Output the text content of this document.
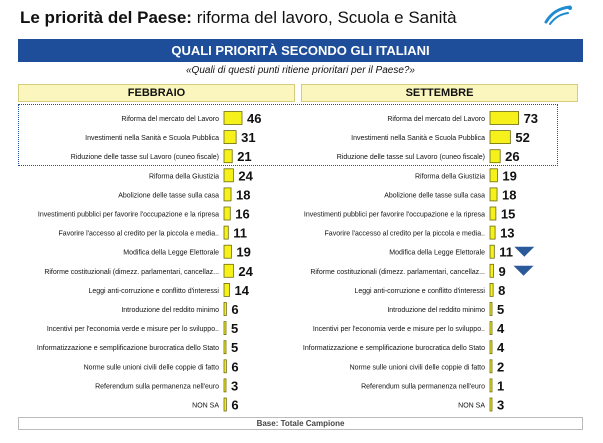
Le priorità del Paese: riforma del lavoro, Scuola e Sanità
QUALI PRIORITÀ SECONDO GLI ITALIANI
«Quali di questi punti ritiene prioritari per il Paese?»
FEBBRAIO	SETTEMBRE
Riforma del mercato del Lavoro 46
Investimenti nella Sanità e Scuola Pubblica 31
Riduzione delle tasse sul Lavoro (cuneo fiscale) 21
Riforma della Giustizia 24
Abolizione delle tasse sulla casa 18
Investimenti pubblici per favorire l'occupazione e la ripresa 16
Favorire l'accesso al credito per la piccola e media.. 11
Modifica della Legge Elettorale 19
Riforme costituzionali (dimezz. parlamentari, cancellaz... 24
Leggi anti-corruzione e conflitto d'interessi 14
Introduzione del reddito minimo 6
Incentivi per l'economia verde e misure per lo sviluppo.. 5
Informatizzazione e semplificazione burocratica dello Stato 5
Norme sulle unioni civili delle coppie di fatto 6
Referendum sulla permanenza nell'euro 3
NON SA 6
Riforma del mercato del Lavoro	73
Investimenti nella Sanità e Scuola Pubblica 52
Riduzione delle tasse sul Lavoro (cuneo fiscale) 26
Riforma della Giustizia 19
Abolizione delle tasse sulla casa 18
Investimenti pubblici per favorire l'occupazione e la ripresa 15
Favorire l'accesso al credito per la piccola e media.. 13
Modifica della Legge Elettorale 11
Riforme costituzionali (dimezz. parlamentari, cancellaz... 9
Leggi anti-corruzione e conflitto d'interessi 8
Introduzione del reddito minimo 5
Incentivi per l'economia verde e misure per lo sviluppo.. 4
Informatizzazione e semplificazione burocratica dello Stato 4
Norme sulle unioni civili delle coppie di fatto 2
Referendum sulla permanenza nell'euro 1
NON SA 3
Base: Totale Campione
